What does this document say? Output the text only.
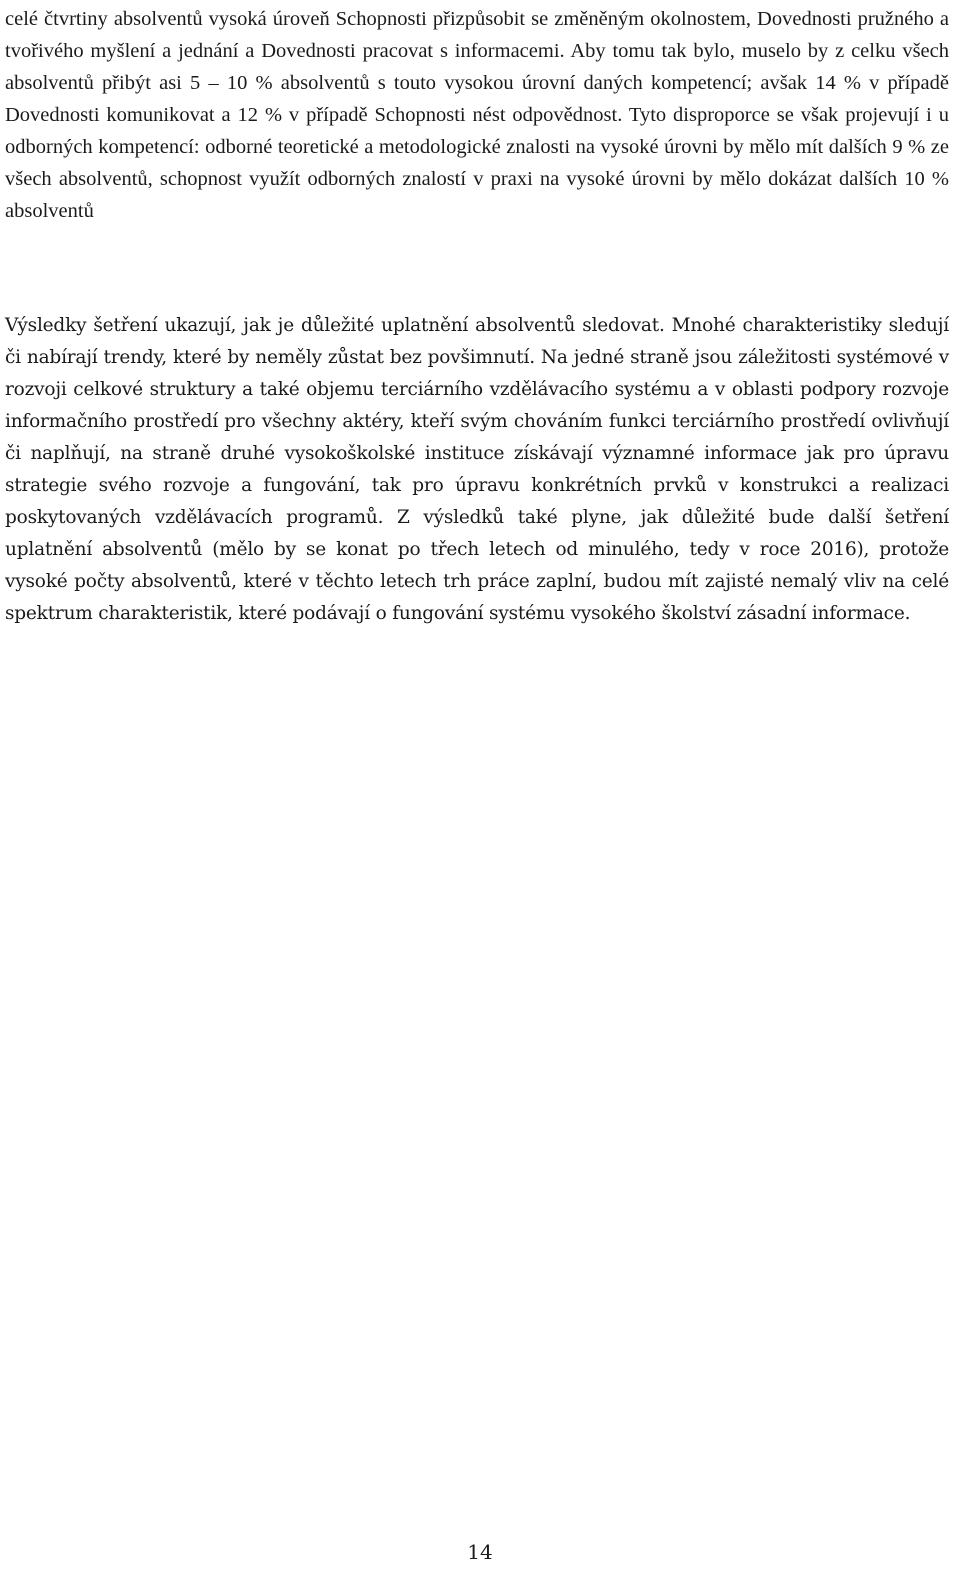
celé čtvrtiny absolventů vysoká úroveň Schopnosti přizpůsobit se změněným okolnostem, Dovednosti pružného a tvořivého myšlení a jednání a Dovednosti pracovat s informacemi. Aby tomu tak bylo, muselo by z celku všech absolventů přibýt asi 5 – 10 % absolventů s touto vysokou úrovní daných kompetencí; avšak 14 % v případě Dovednosti komunikovat a 12 % v případě Schopnosti nést odpovědnost. Tyto disproporce se však projevují i u odborných kompetencí: odborné teoretické a metodologické znalosti na vysoké úrovni by mělo mít dalších 9 % ze všech absolventů, schopnost využít odborných znalostí v praxi na vysoké úrovni by mělo dokázat dalších 10 % absolventů

Výsledky šetření ukazují, jak je důležité uplatnění absolventů sledovat. Mnohé charakteristiky sledují či nabírají trendy, které by neměly zůstat bez povšimnutí. Na jedné straně jsou záležitosti systémové v rozvoji celkové struktury a také objemu terciárního vzdělávacího systému a v oblasti podpory rozvoje informačního prostředí pro všechny aktéry, kteří svým chováním funkci terciárního prostředí ovlivňují či naplňují, na straně druhé vysokoškolské instituce získávají významné informace jak pro úpravu strategie svého rozvoje a fungování, tak pro úpravu konkrétních prvků v konstrukci a realizaci poskytovaných vzdělávacích programů. Z výsledků také plyne, jak důležité bude další šetření uplatnění absolventů (mělo by se konat po třech letech od minulého, tedy v roce 2016), protože vysoké počty absolventů, které v těchto letech trh práce zaplní, budou mít zajisté nemalý vliv na celé spektrum charakteristik, které podávají o fungování systému vysokého školství zásadní informace.

14
